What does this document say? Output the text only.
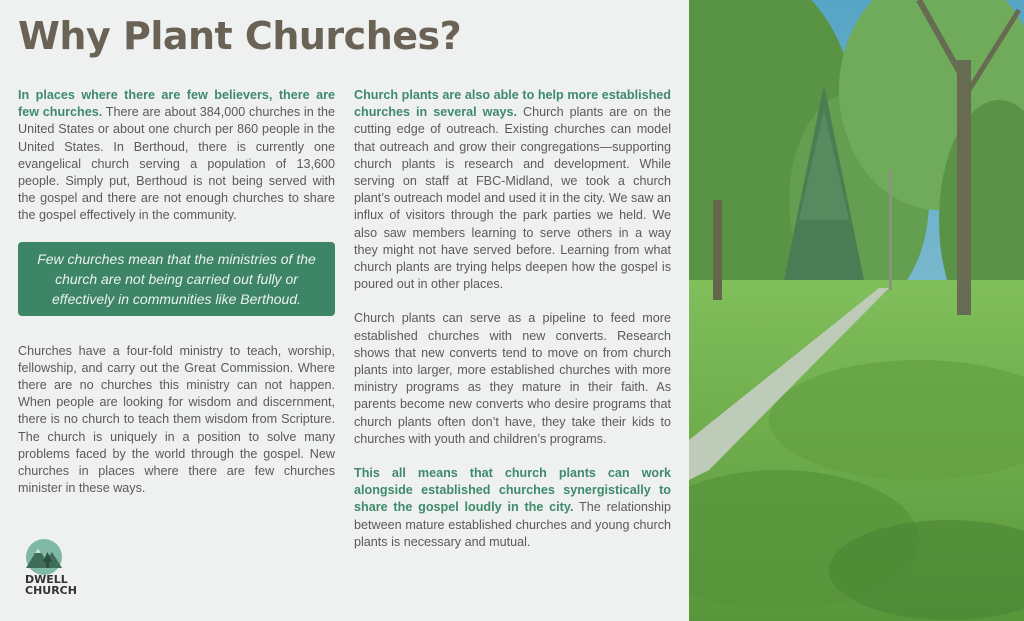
Why Plant Churches?

In places where there are few believers, there are few churches. There are about 384,000 churches in the United States or about one church per 860 people in the United States. In Berthoud, there is currently one evangelical church serving a population of 13,600 people. Simply put, Berthoud is not being served with the gospel and there are not enough churches to share the gospel effectively in the community.

Few churches mean that the ministries of the church are not being carried out fully or effectively in communities like Berthoud.

Churches have a four-fold ministry to teach, worship, fellowship, and carry out the Great Commission. Where there are no churches this ministry can not happen. When people are looking for wisdom and discernment, there is no church to teach them wisdom from Scripture. The church is uniquely in a position to solve many problems faced by the world through the gospel. New churches in places where there are few churches minister in these ways.

Church plants are also able to help more established churches in several ways. Church plants are on the cutting edge of outreach. Existing churches can model that outreach and grow their congregations—supporting church plants is research and development. While serving on staff at FBC-Midland, we took a church plant’s outreach model and used it in the city. We saw an influx of visitors through the park parties we held. We also saw members learning to serve others in a way they might not have served before. Learning from what church plants are trying helps deepen how the gospel is poured out in other places.

Church plants can serve as a pipeline to feed more established churches with new converts. Research shows that new converts tend to move on from church plants into larger, more established churches with more ministry programs as they mature in their faith. As parents become new converts who desire programs that church plants often don’t have, they take their kids to churches with youth and children’s programs.

This all means that church plants can work alongside established churches synergistically to share the gospel loudly in the city. The relationship between mature established churches and young church plants is necessary and mutual.

DWELL
CHURCH
